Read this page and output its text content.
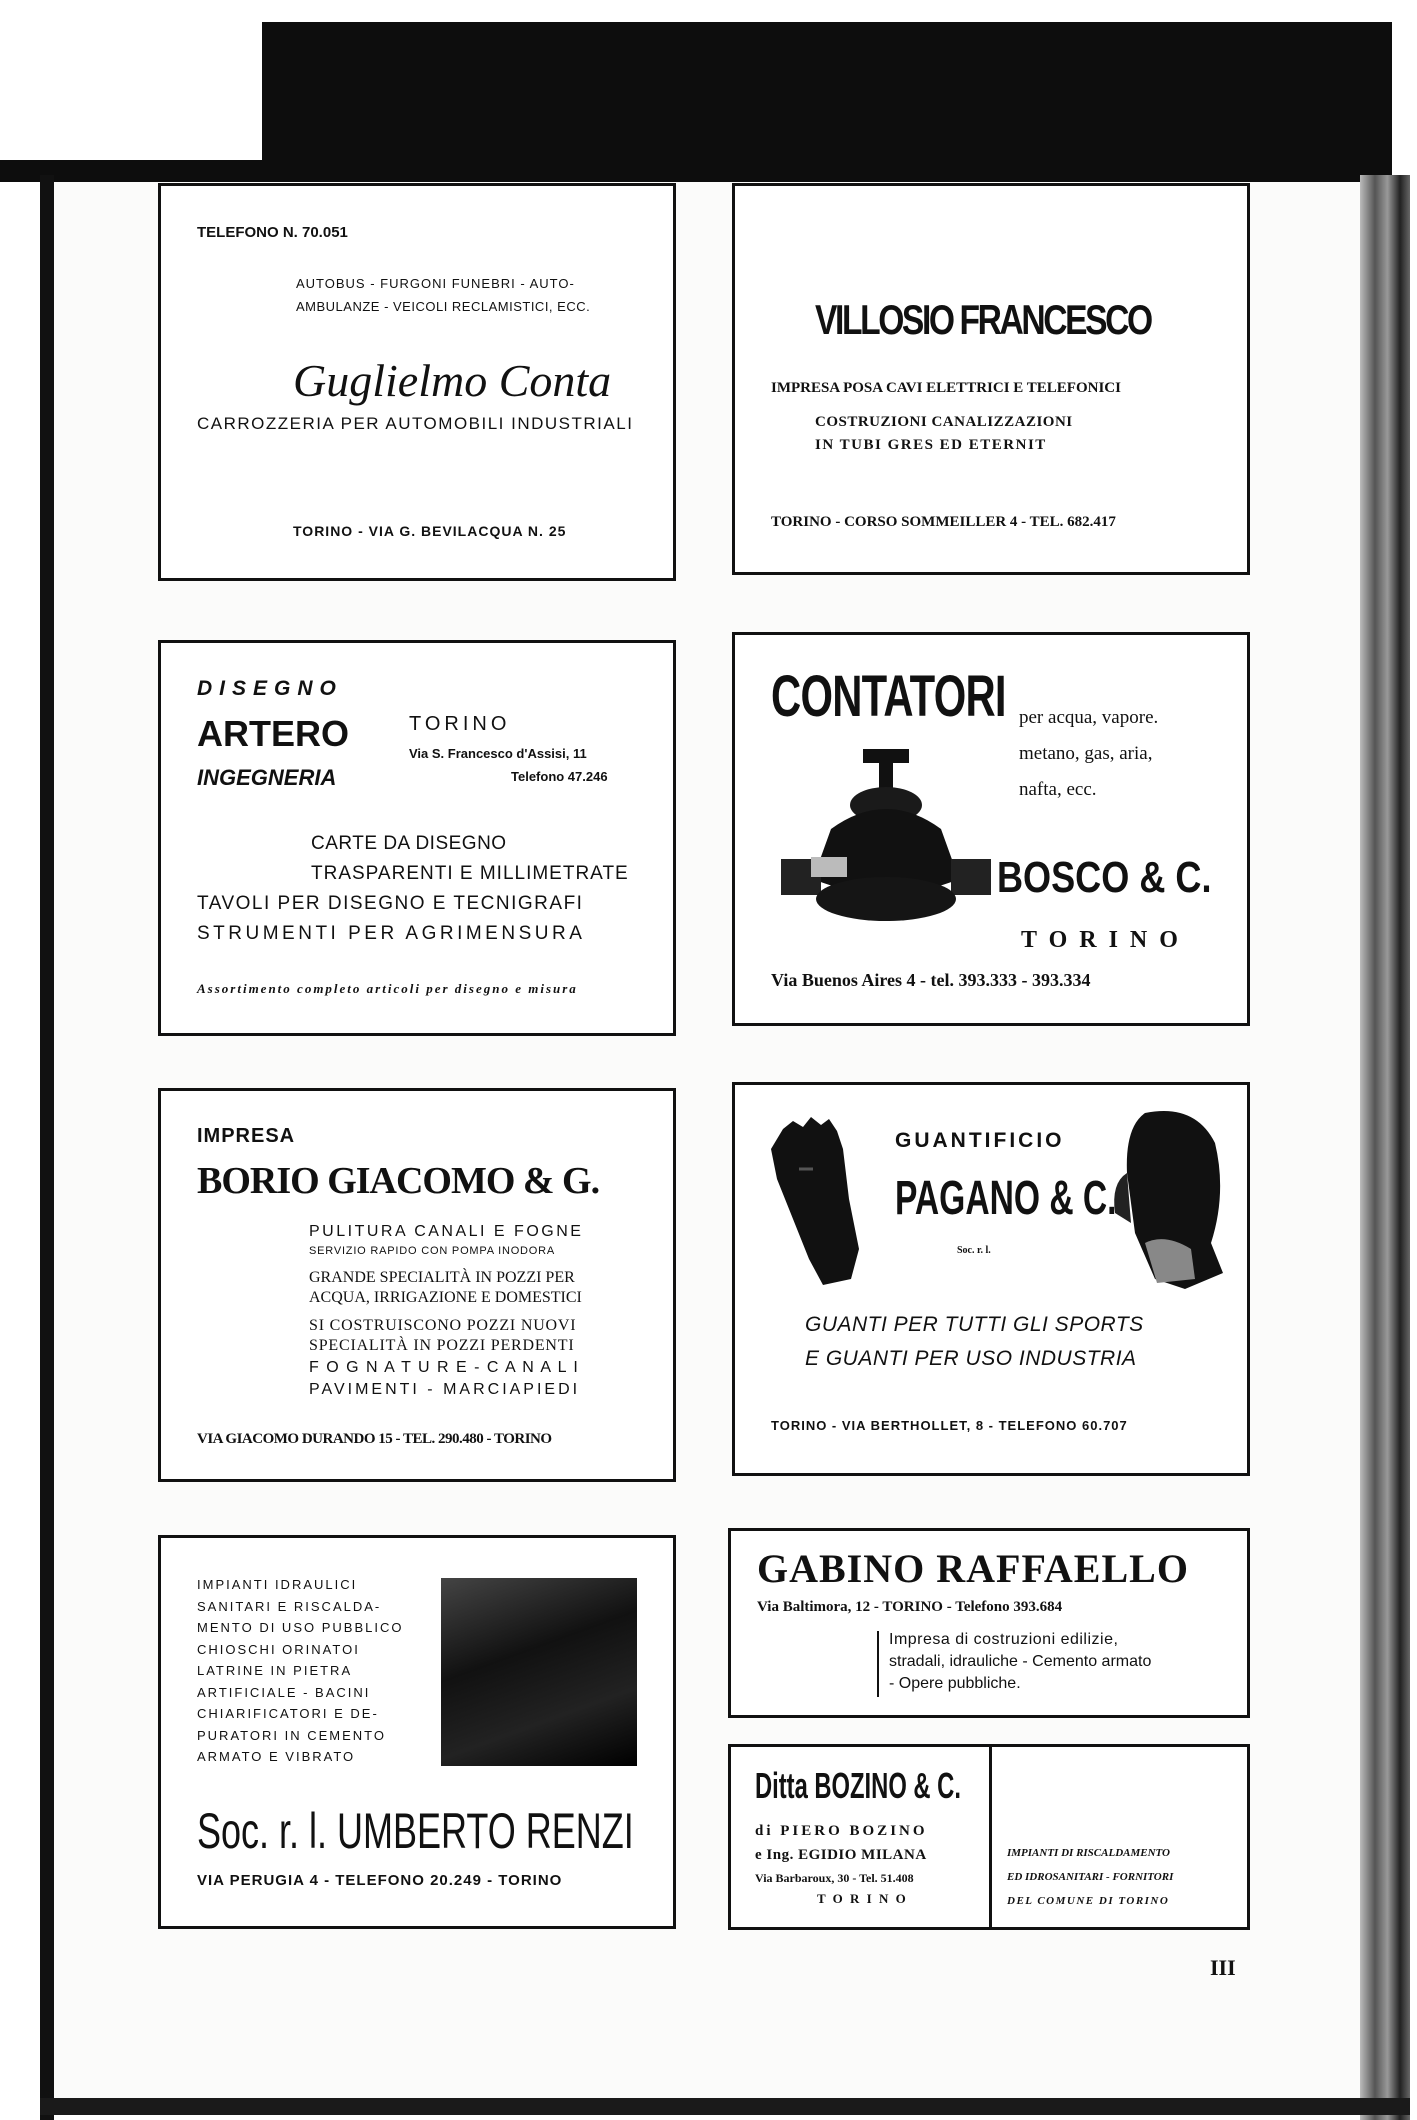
TELEFONO N. 70.051
AUTOBUS - FURGONI FUNEBRI - AUTO-
AMBULANZE - VEICOLI RECLAMISTICI, ECC.
Guglielmo Conta
CARROZZERIA PER AUTOMOBILI INDUSTRIALI
TORINO - VIA G. BEVILACQUA N. 25
VILLOSIO FRANCESCO
IMPRESA POSA CAVI ELETTRICI E TELEFONICI
COSTRUZIONI CANALIZZAZIONI
IN TUBI GRES ED ETERNIT
TORINO - CORSO SOMMEILLER 4 - TEL. 682.417
DISEGNO
ARTERO
INGEGNERIA
TORINO
Via S. Francesco d'Assisi, 11
Telefono 47.246
CARTE DA DISEGNO
TRASPARENTI E MILLIMETRATE
TAVOLI PER DISEGNO E TECNIGRAFI
STRUMENTI PER AGRIMENSURA
Assortimento completo articoli per disegno e misura
CONTATORI per acqua, vapore.
metano, gas, aria,
nafta, ecc.
BOSCO & C.
T O R I N O
Via Buenos Aires 4 - tel. 393.333 - 393.334
IMPRESA
BORIO GIACOMO & G.
PULITURA CANALI E FOGNE
SERVIZIO RAPIDO CON POMPA INODORA
GRANDE SPECIALITÀ IN POZZI PER
ACQUA, IRRIGAZIONE E DOMESTICI
SI COSTRUISCONO POZZI NUOVI
SPECIALITÀ IN POZZI PERDENTI
F O G N A T U R E - C A N A L I
PAVIMENTI - MARCIAPIEDI
VIA GIACOMO DURANDO 15 - TEL. 290.480 - TORINO
GUANTIFICIO
PAGANO & C.
Soc. r. l.
GUANTI PER TUTTI GLI SPORTS
E GUANTI PER USO INDUSTRIA
TORINO - VIA BERTHOLLET, 8 - TELEFONO 60.707
IMPIANTI IDRAULICI
SANITARI E RISCALDA-
MENTO DI USO PUBBLICO
CHIOSCHI ORINATOI
LATRINE IN PIETRA
ARTIFICIALE - BACINI
CHIARIFICATORI E DE-
PURATORI IN CEMENTO
ARMATO E VIBRATO
Soc. r. l. UMBERTO RENZI
VIA PERUGIA 4 - TELEFONO 20.249 - TORINO
GABINO RAFFAELLO
Via Baltimora, 12 - TORINO - Telefono 393.684
Impresa di costruzioni edilizie,
stradali, idrauliche - Cemento armato
- Opere pubbliche.
Ditta BOZINO & C.
di PIERO BOZINO
e Ing. EGIDIO MILANA
Via Barbaroux, 30 - Tel. 51.408
T O R I N O
IMPIANTI DI RISCALDAMENTO
ED IDROSANITARI - FORNITORI
DEL COMUNE DI TORINO
III
